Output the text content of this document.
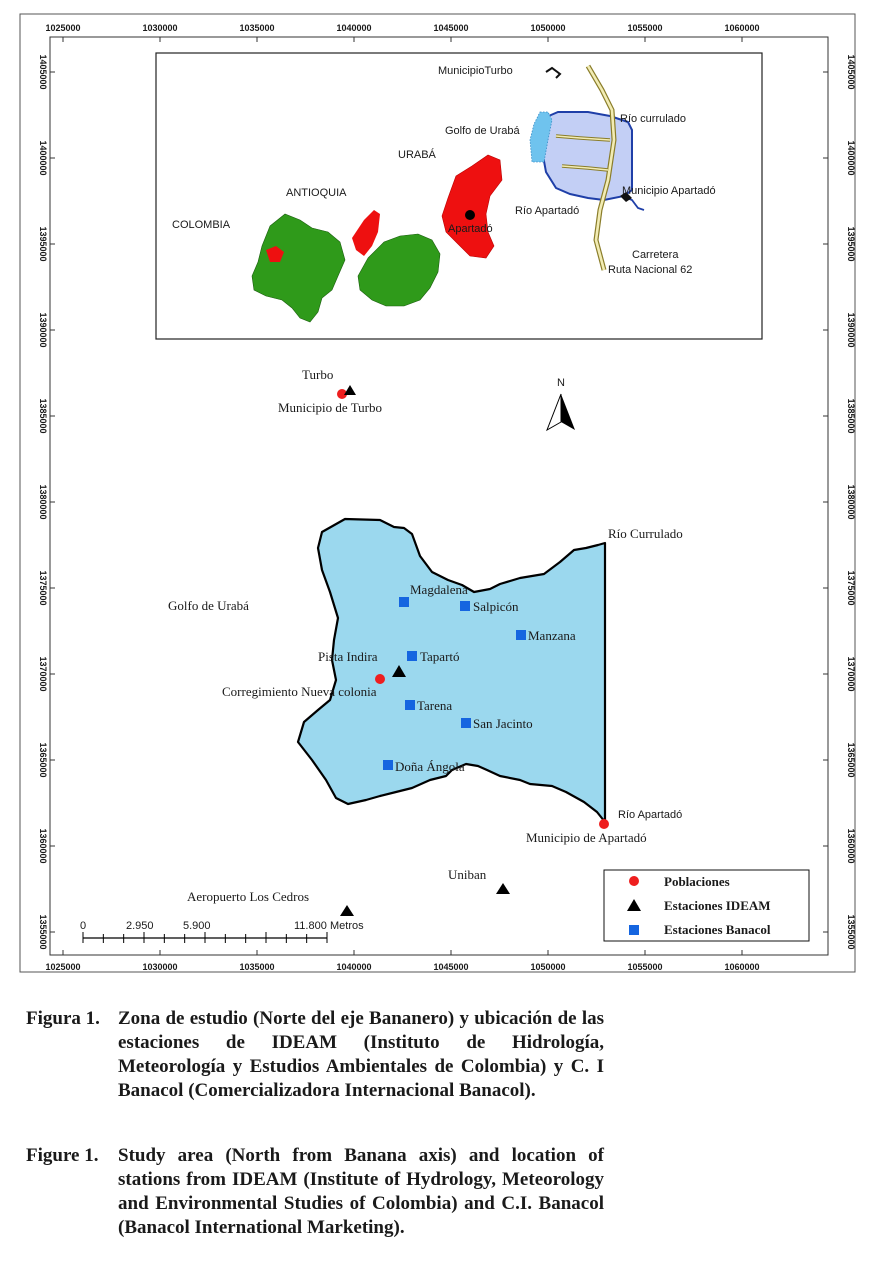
1025000
1025000
1030000
1030000
1035000
1035000
1040000
1040000
1045000
1045000
1050000
1050000
1055000
1055000
1060000
1060000
1405000	1405000
1400000	1400000
1395000	1395000
1390000	1390000
1385000	1385000
1380000	1380000
1375000	1375000
1370000	1370000
1365000	1365000
1360000	1360000
1355000	1355000
COLOMBIA
ANTIOQUIA
URABÁ
Apartadó
MunicipioTurbo
Golfo de Urabá
Río currulado
Municipio Apartadó
Río Apartadó
Carretera
Ruta Nacional 62
Turbo
Municipio de Turbo
N
Río Currulado
Golfo de Urabá
Magdalena
Salpicón
Manzana
Tapartó
Tarena
San Jacinto
Doña Ángola
Pista Indira
Corregimiento Nueva colonia
Río Apartadó
Municipio de Apartadó
Uniban
Aeropuerto Los Cedros
0	2.950	5.900	11.800 Metros
Poblaciones
Estaciones IDEAM
Estaciones Banacol
Figura 1. Zona de estudio (Norte del eje Bananero) y ubicación de las estaciones de IDEAM (Instituto de Hidrología, Meteorología y Estudios Ambientales de Colombia) y C. I Banacol (Comercializadora Internacional Banacol).
Figure 1. Study area (North from Banana axis) and location of stations from IDEAM (Institute of Hydrology, Meteorology and Environmental Studies of Colombia) and C.I. Banacol (Banacol International Marketing).
